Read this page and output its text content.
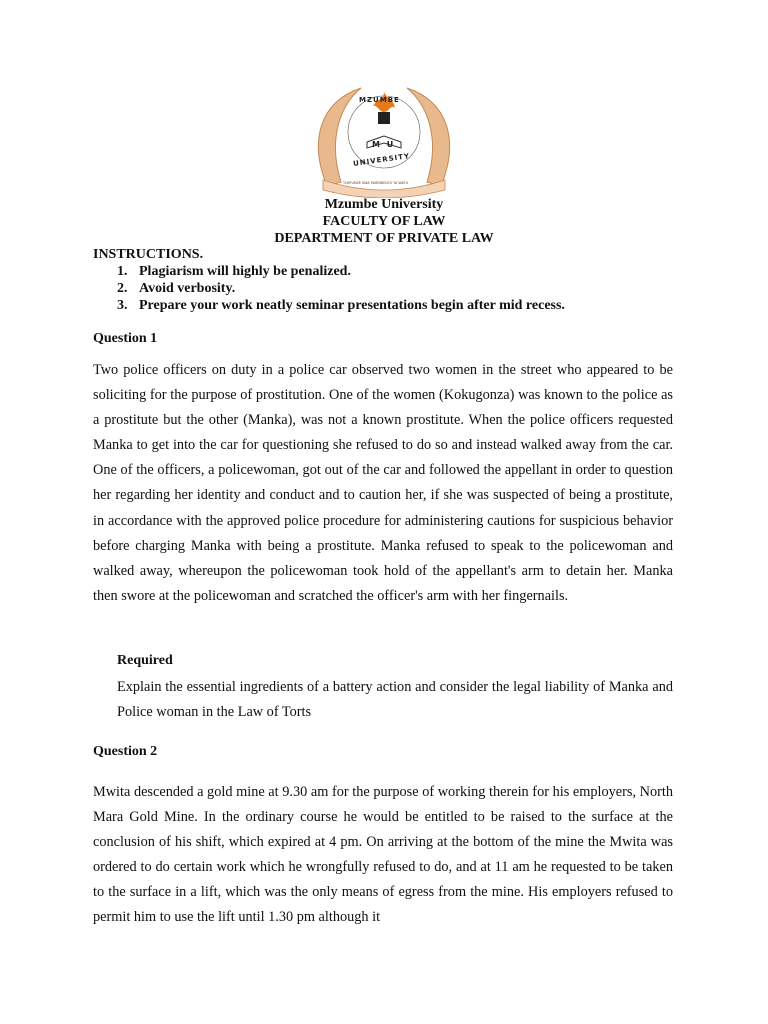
MZUMBE
M U
UNIVERSITY
TUJIFUNZE KWA MAENDELEO YA WATU
Mzumbe University
FACULTY OF LAW
DEPARTMENT OF PRIVATE LAW
INSTRUCTIONS.
1. Plagiarism will highly be penalized.
2. Avoid verbosity.
3. Prepare your work neatly seminar presentations begin after mid recess.
Question 1
Two police officers on duty in a police car observed two women in the street who appeared to be soliciting for the purpose of prostitution. One of the women (Kokugonza) was known to the police as a prostitute but the other (Manka), was not a known prostitute. When the police officers requested Manka to get into the car for questioning she refused to do so and instead walked away from the car. One of the officers, a policewoman, got out of the car and followed the appellant in order to question her regarding her identity and conduct and to caution her, if she was suspected of being a prostitute, in accordance with the approved police procedure for administering cautions for suspicious behavior before charging Manka with being a prostitute. Manka refused to speak to the policewoman and walked away, whereupon the policewoman took hold of the appellant's arm to detain her. Manka then swore at the policewoman and scratched the officer's arm with her fingernails.
Required
Explain the essential ingredients of a battery action and consider the legal liability of Manka and Police woman in the Law of Torts
Question 2
Mwita descended a gold mine at 9.30 am for the purpose of working therein for his employers, North Mara Gold Mine. In the ordinary course he would be entitled to be raised to the surface at the conclusion of his shift, which expired at 4 pm. On arriving at the bottom of the mine the Mwita was ordered to do certain work which he wrongfully refused to do, and at 11 am he requested to be taken to the surface in a lift, which was the only means of egress from the mine. His employers refused to permit him to use the lift until 1.30 pm although it
